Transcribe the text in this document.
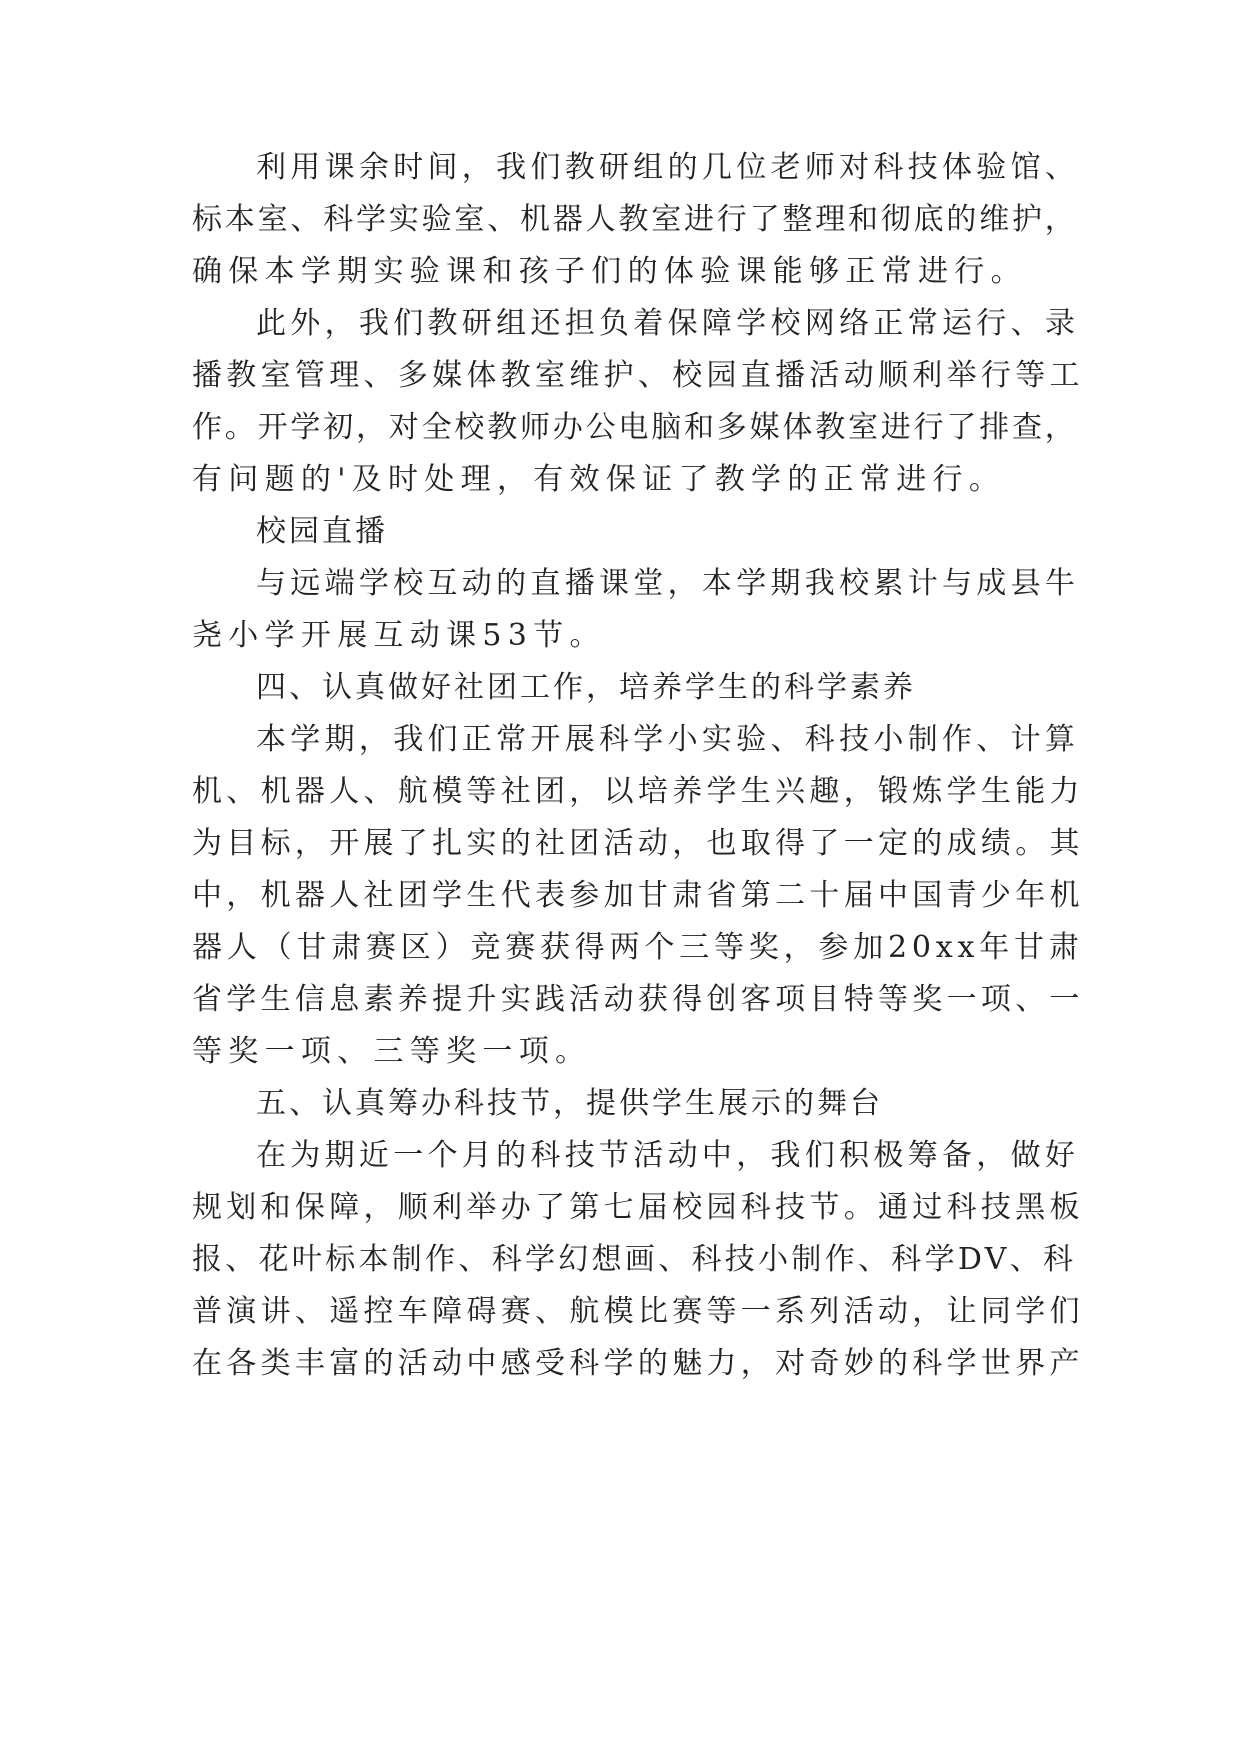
利用课余时间，我们教研组的几位老师对科技体验馆、
标本室、科学实验室、机器人教室进行了整理和彻底的维护，
确保本学期实验课和孩子们的体验课能够正常进行。
此外，我们教研组还担负着保障学校网络正常运行、录
播教室管理、多媒体教室维护、校园直播活动顺利举行等工
作。开学初，对全校教师办公电脑和多媒体教室进行了排查，
有问题的'及时处理，有效保证了教学的正常进行。
校园直播
与远端学校互动的直播课堂，本学期我校累计与成县牛
尧小学开展互动课53节。
四、认真做好社团工作，培养学生的科学素养
本学期，我们正常开展科学小实验、科技小制作、计算
机、机器人、航模等社团，以培养学生兴趣，锻炼学生能力
为目标，开展了扎实的社团活动，也取得了一定的成绩。其
中，机器人社团学生代表参加甘肃省第二十届中国青少年机
器人（甘肃赛区）竞赛获得两个三等奖，参加20xx年甘肃
省学生信息素养提升实践活动获得创客项目特等奖一项、一
等奖一项、三等奖一项。
五、认真筹办科技节，提供学生展示的舞台
在为期近一个月的科技节活动中，我们积极筹备，做好
规划和保障，顺利举办了第七届校园科技节。通过科技黑板
报、花叶标本制作、科学幻想画、科技小制作、科学DV、科
普演讲、遥控车障碍赛、航模比赛等一系列活动，让同学们
在各类丰富的活动中感受科学的魅力，对奇妙的科学世界产
